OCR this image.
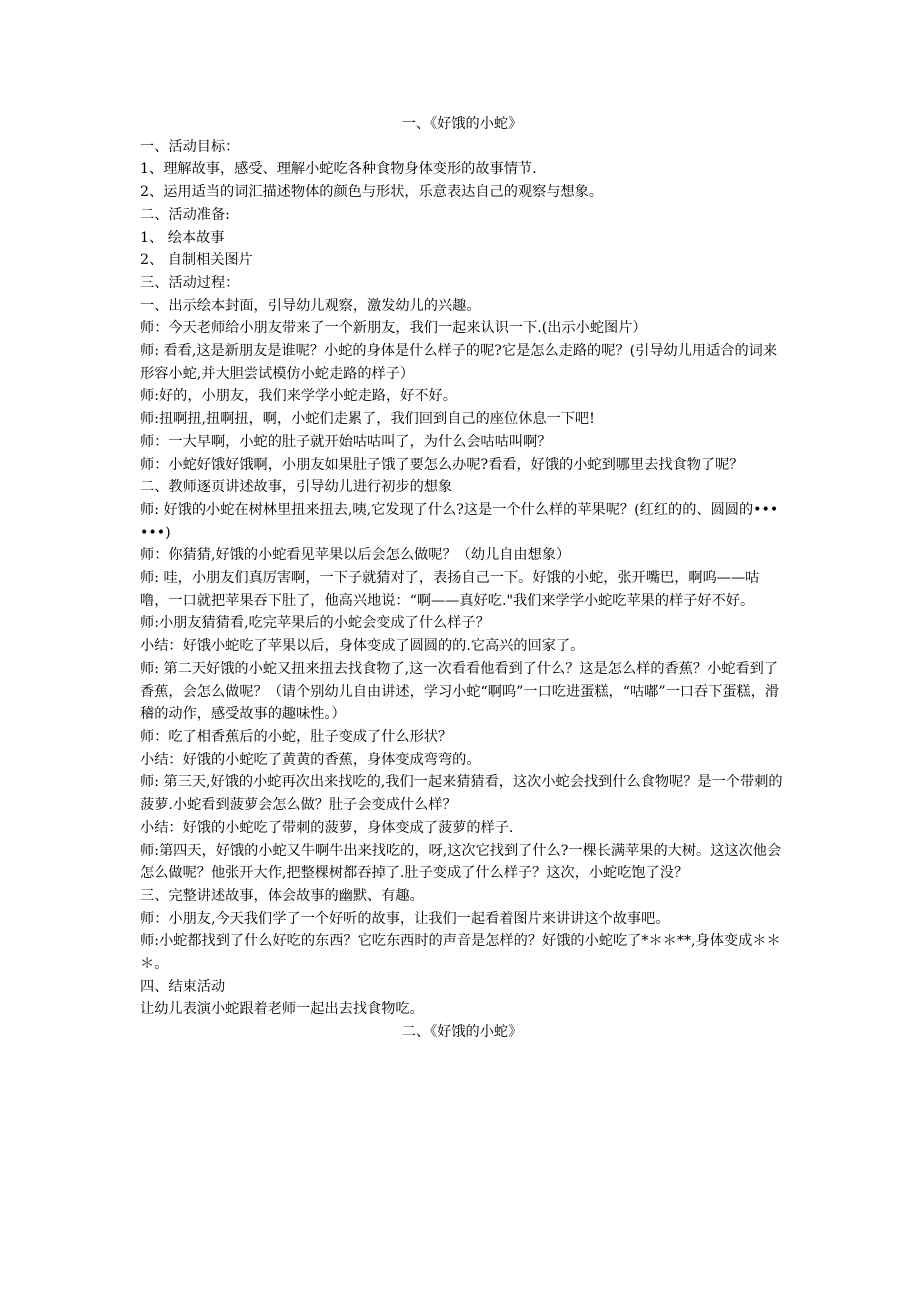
一、《好饿的小蛇》

一、活动目标：

1、理解故事，感受、理解小蛇吃各种食物身体变形的故事情节.

2、运用适当的词汇描述物体的颜色与形状，乐意表达自己的观察与想象。

二、活动准备:

1、 绘本故事

2、 自制相关图片

三、活动过程：

一、出示绘本封面，引导幼儿观察，激发幼儿的兴趣。

师：今天老师给小朋友带来了一个新朋友，我们一起来认识一下.(出示小蛇图片）

师: 看看,这是新朋友是谁呢？小蛇的身体是什么样子的呢?它是怎么走路的呢？(引导幼儿用适合的词来形容小蛇,并大胆尝试模仿小蛇走路的样子）

师:好的，小朋友，我们来学学小蛇走路，好不好。

师:扭啊扭,扭啊扭，啊，小蛇们走累了，我们回到自己的座位休息一下吧!

师：一大早啊，小蛇的肚子就开始咕咕叫了，为什么会咕咕叫啊？

师：小蛇好饿好饿啊，小朋友如果肚子饿了要怎么办呢?看看，好饿的小蛇到哪里去找食物了呢？

二、教师逐页讲述故事，引导幼儿进行初步的想象

师: 好饿的小蛇在树林里扭来扭去,咦,它发现了什么?这是一个什么样的苹果呢？(红红的的、圆圆的••••••)

师：你猜猜,好饿的小蛇看见苹果以后会怎么做呢？（幼儿自由想象）

师: 哇，小朋友们真厉害啊，一下子就猜对了，表扬自己一下。好饿的小蛇，张开嘴巴，啊呜——咕噜，一口就把苹果吞下肚了，他高兴地说：“啊——真好吃."我们来学学小蛇吃苹果的样子好不好。

师:小朋友猜猜看,吃完苹果后的小蛇会变成了什么样子？

小结：好饿小蛇吃了苹果以后，身体变成了圆圆的的.它高兴的回家了。

师: 第二天好饿的小蛇又扭来扭去找食物了,这一次看看他看到了什么？这是怎么样的香蕉？小蛇看到了香蕉，会怎么做呢？（请个别幼儿自由讲述，学习小蛇“啊呜”一口吃进蛋糕，“咕嘟”一口吞下蛋糕，滑稽的动作，感受故事的趣味性。）

师：吃了相香蕉后的小蛇，肚子变成了什么形状？

小结：好饿的小蛇吃了黄黄的香蕉，身体变成弯弯的。

师: 第三天,好饿的小蛇再次出来找吃的,我们一起来猜猜看，这次小蛇会找到什么食物呢？是一个带刺的菠萝.小蛇看到菠萝会怎么做？肚子会变成什么样？

小结：好饿的小蛇吃了带刺的菠萝，身体变成了菠萝的样子.

师:第四天，好饿的小蛇又牛啊牛出来找吃的，呀,这次它找到了什么?一棵长满苹果的大树。这这次他会怎么做呢？他张开大作,把整棵树都吞掉了.肚子变成了什么样子？这次，小蛇吃饱了没？

三、完整讲述故事，体会故事的幽默、有趣。

师：小朋友,今天我们学了一个好听的故事，让我们一起看着图片来讲讲这个故事吧。

师:小蛇都找到了什么好吃的东西？它吃东西时的声音是怎样的？好饿的小蛇吃了*＊＊**,身体变成＊＊＊。

四、结束活动

让幼儿表演小蛇跟着老师一起出去找食物吃。

二、《好饿的小蛇》
